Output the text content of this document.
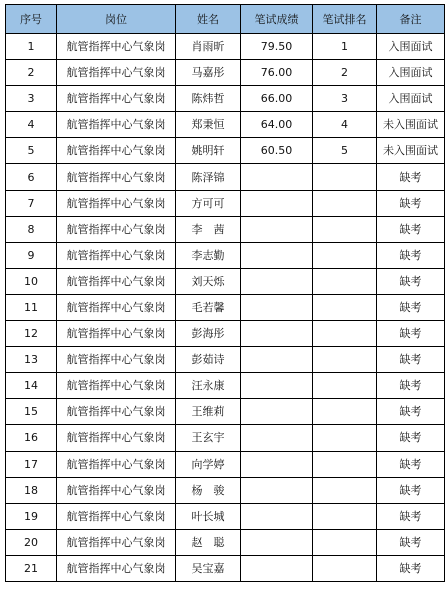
序号	岗位	姓名	笔试成绩	笔试排名	备注
1	航管指挥中心气象岗	肖雨昕	79.50	1	入围面试
2	航管指挥中心气象岗	马嘉彤	76.00	2	入围面试
3	航管指挥中心气象岗	陈炜哲	66.00	3	入围面试
4	航管指挥中心气象岗	郑秉恒	64.00	4	未入围面试
5	航管指挥中心气象岗	姚明轩	60.50	5	未入围面试
6	航管指挥中心气象岗	陈泽锦			缺考
7	航管指挥中心气象岗	方可可			缺考
8	航管指挥中心气象岗	李　茜			缺考
9	航管指挥中心气象岗	李志勤			缺考
10	航管指挥中心气象岗	刘天烁			缺考
11	航管指挥中心气象岗	毛若馨			缺考
12	航管指挥中心气象岗	彭海彤			缺考
13	航管指挥中心气象岗	彭茹诗			缺考
14	航管指挥中心气象岗	汪永康			缺考
15	航管指挥中心气象岗	王维莉			缺考
16	航管指挥中心气象岗	王玄宇			缺考
17	航管指挥中心气象岗	向学婷			缺考
18	航管指挥中心气象岗	杨　骏			缺考
19	航管指挥中心气象岗	叶长城			缺考
20	航管指挥中心气象岗	赵　聪			缺考
21	航管指挥中心气象岗	吴宝嘉			缺考
